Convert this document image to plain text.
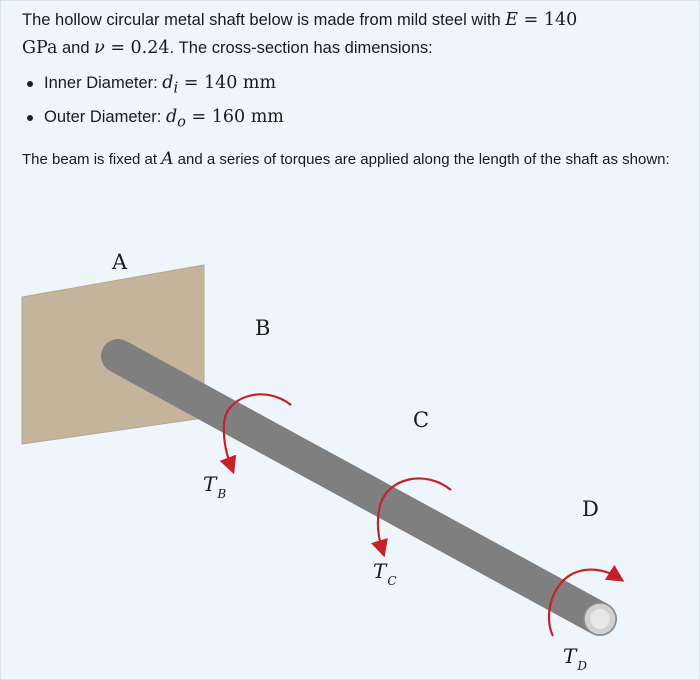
The hollow circular metal shaft below is made from mild steel with E = 140
GPa and ν = 0.24. The cross-section has dimensions:
Inner Diameter: $d_i = 140$ mm
Outer Diameter: $d_o = 160$ mm
The beam is fixed at A and a series of torques are applied along the length of the shaft as shown:
A
B
C
D
$T_B$
$T_C$
$T_D$
